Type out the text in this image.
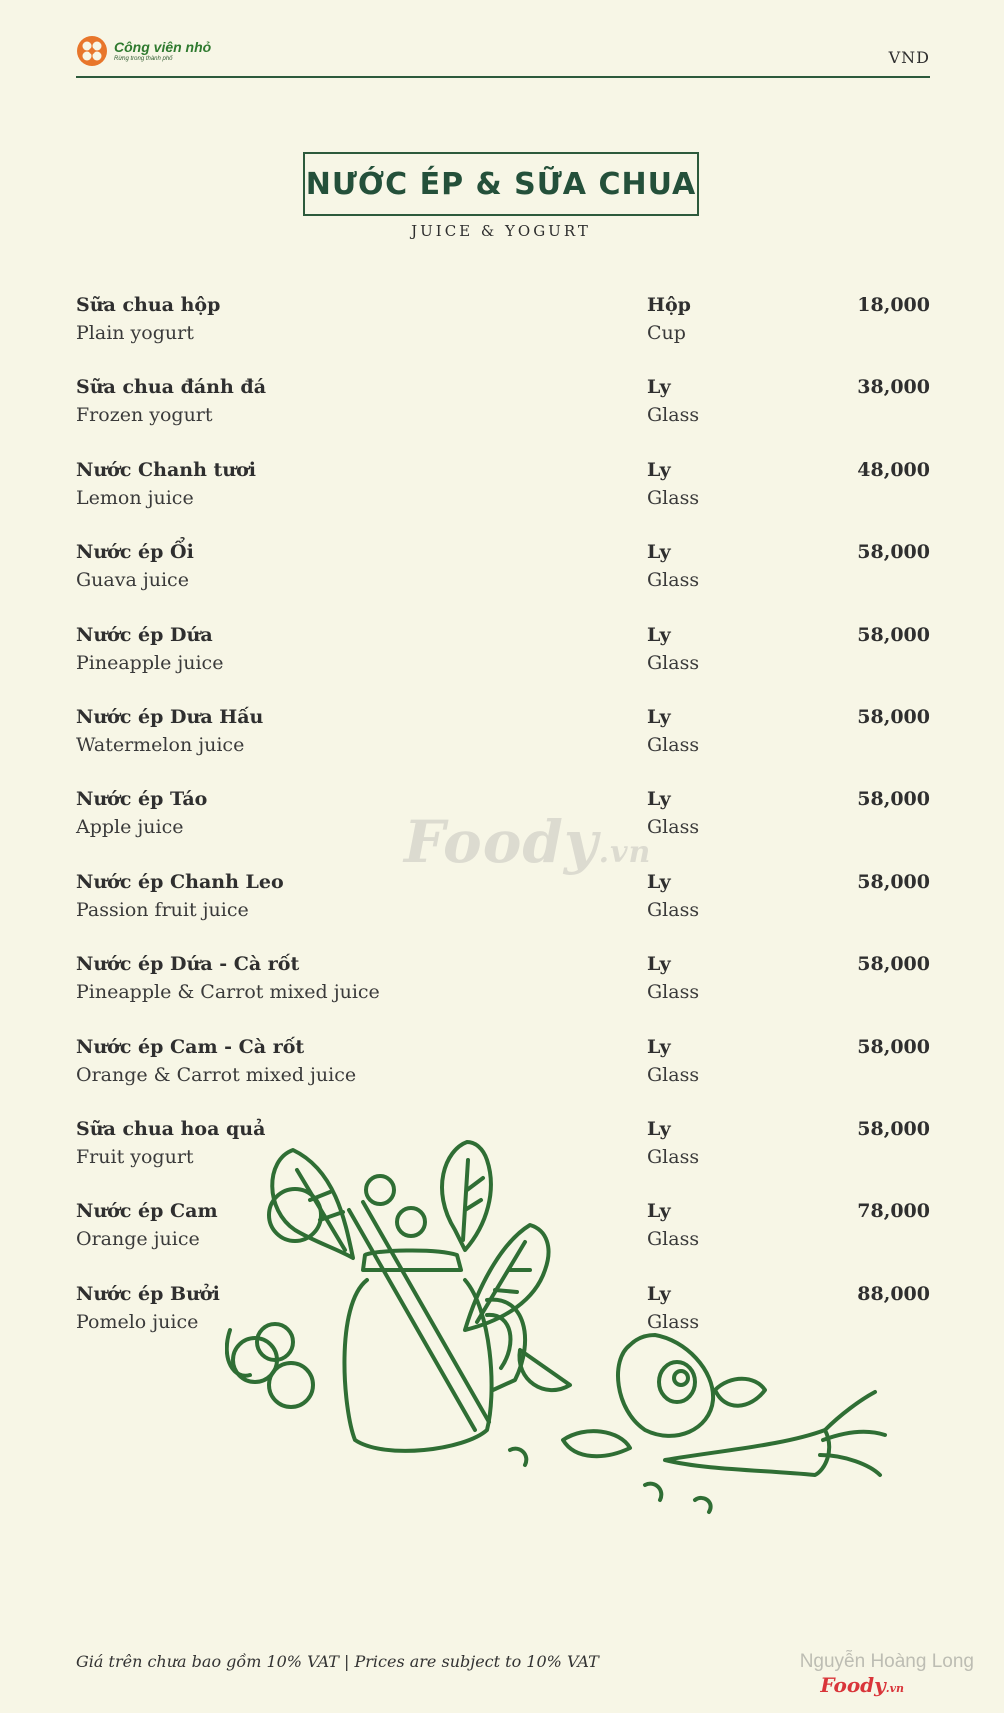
Công viên nhỏ
Rừng trong thành phố	VND
NƯỚC ÉP & SỮA CHUA
JUICE & YOGURT
Sữa chua hộp
Plain yogurt
Hộp
Cup
18,000
Sữa chua đánh đá
Frozen yogurt
Ly
Glass
38,000
Nước Chanh tươi
Lemon juice
Ly
Glass
48,000
Nước ép Ổi
Guava juice
Ly
Glass
58,000
Nước ép Dứa
Pineapple juice
Ly
Glass
58,000
Nước ép Dưa Hấu
Watermelon juice
Ly
Glass
58,000
Nước ép Táo
Apple juice
Ly
Glass
58,000
Nước ép Chanh Leo
Passion fruit juice
Ly
Glass
58,000
Nước ép Dứa - Cà rốt
Pineapple & Carrot mixed juice
Ly
Glass
58,000
Nước ép Cam - Cà rốt
Orange & Carrot mixed juice
Ly
Glass
58,000
Sữa chua hoa quả
Fruit yogurt
Ly
Glass
58,000
Nước ép Cam
Orange juice
Ly
Glass
78,000
Nước ép Bưởi
Pomelo juice
Ly
Glass
88,000
Foody.vn
Giá trên chưa bao gồm 10% VAT | Prices are subject to 10% VAT	Nguyễn Hoàng Long
Foody.vn
